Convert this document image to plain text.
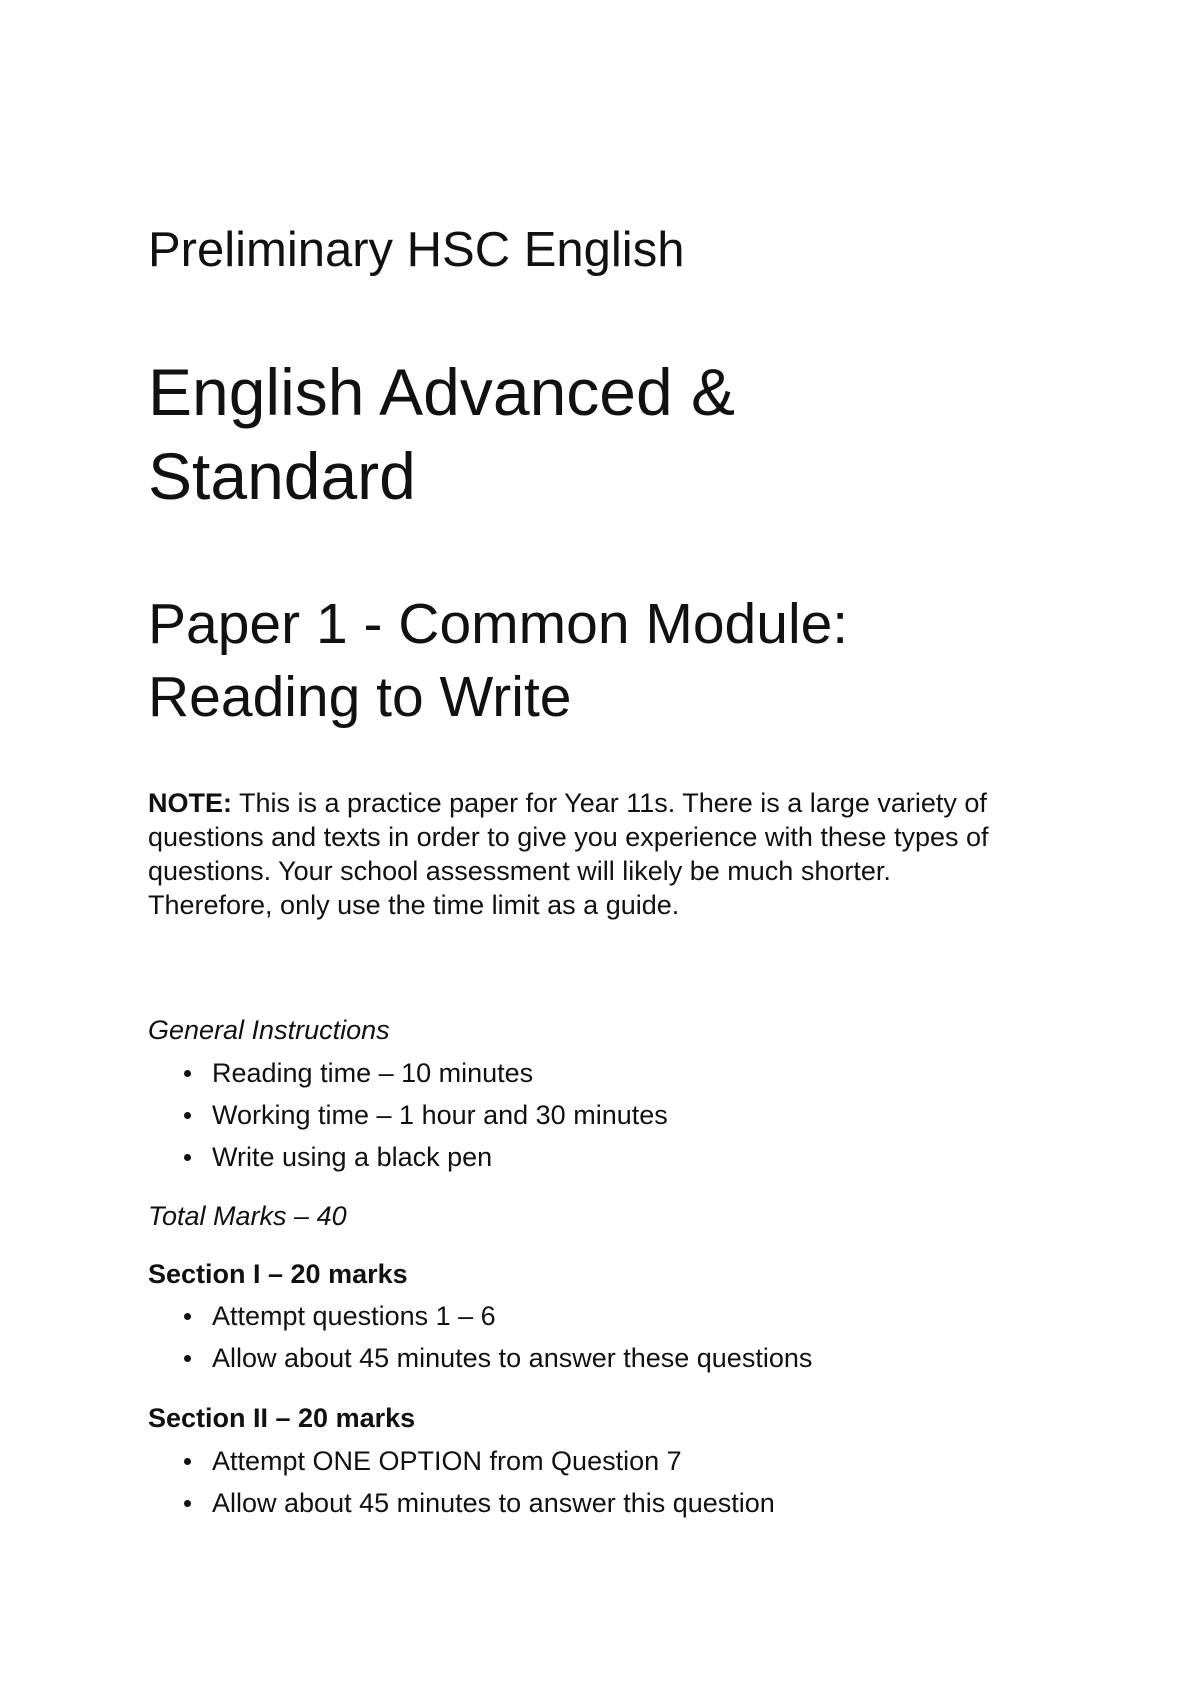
Preliminary HSC English
English Advanced &
Standard
Paper 1 - Common Module:
Reading to Write

NOTE: This is a practice paper for Year 11s. There is a large variety of
questions and texts in order to give you experience with these types of
questions. Your school assessment will likely be much shorter.
Therefore, only use the time limit as a guide.

General Instructions

Reading time – 10 minutes
Working time – 1 hour and 30 minutes
Write using a black pen

Total Marks – 40

Section I – 20 marks

Attempt questions 1 – 6
Allow about 45 minutes to answer these questions

Section II – 20 marks

Attempt ONE OPTION from Question 7
Allow about 45 minutes to answer this question
